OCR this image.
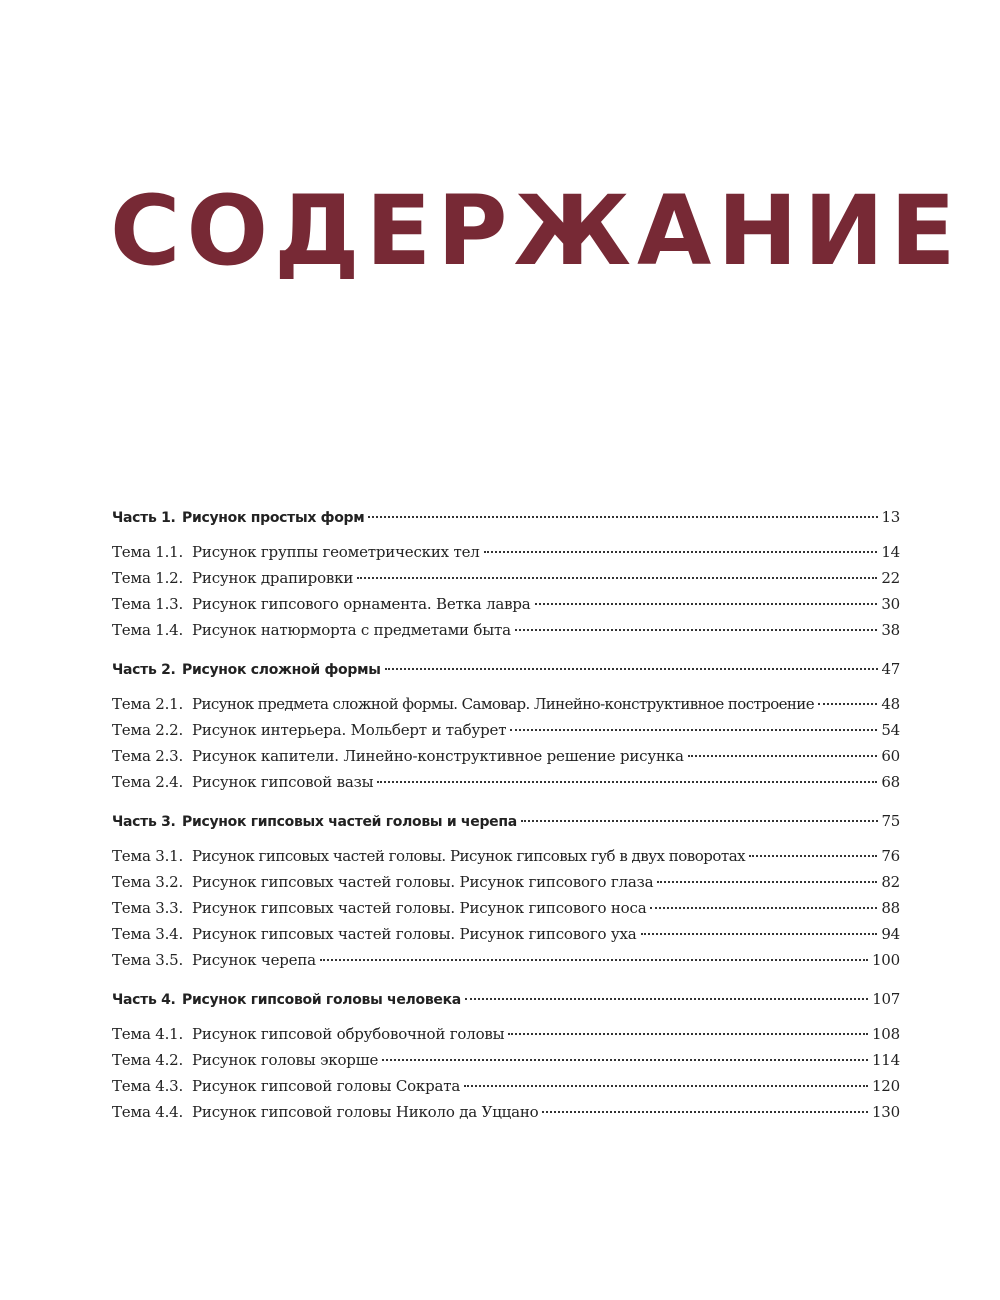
СОДЕРЖАНИЕ
Часть 1. Рисунок простых форм	13
Тема 1.1. Рисунок группы геометрических тел	14
Тема 1.2. Рисунок драпировки	22
Тема 1.3. Рисунок гипсового орнамента. Ветка лавра	30
Тема 1.4. Рисунок натюрморта с предметами быта	38
Часть 2. Рисунок сложной формы	47
Тема 2.1. Рисунок предмета сложной формы. Самовар. Линейно-конструктивное построение	48
Тема 2.2. Рисунок интерьера. Мольберт и табурет	54
Тема 2.3. Рисунок капители. Линейно-конструктивное решение рисунка	60
Тема 2.4. Рисунок гипсовой вазы	68
Часть 3. Рисунок гипсовых частей головы и черепа	75
Тема 3.1. Рисунок гипсовых частей головы. Рисунок гипсовых губ в двух поворотах	76
Тема 3.2. Рисунок гипсовых частей головы. Рисунок гипсового глаза	82
Тема 3.3. Рисунок гипсовых частей головы. Рисунок гипсового носа	88
Тема 3.4. Рисунок гипсовых частей головы. Рисунок гипсового уха	94
Тема 3.5. Рисунок черепа	100
Часть 4. Рисунок гипсовой головы человека	107
Тема 4.1. Рисунок гипсовой обрубовочной головы	108
Тема 4.2. Рисунок головы экорше	114
Тема 4.3. Рисунок гипсовой головы Сократа	120
Тема 4.4. Рисунок гипсовой головы Николо да Уццано	130
